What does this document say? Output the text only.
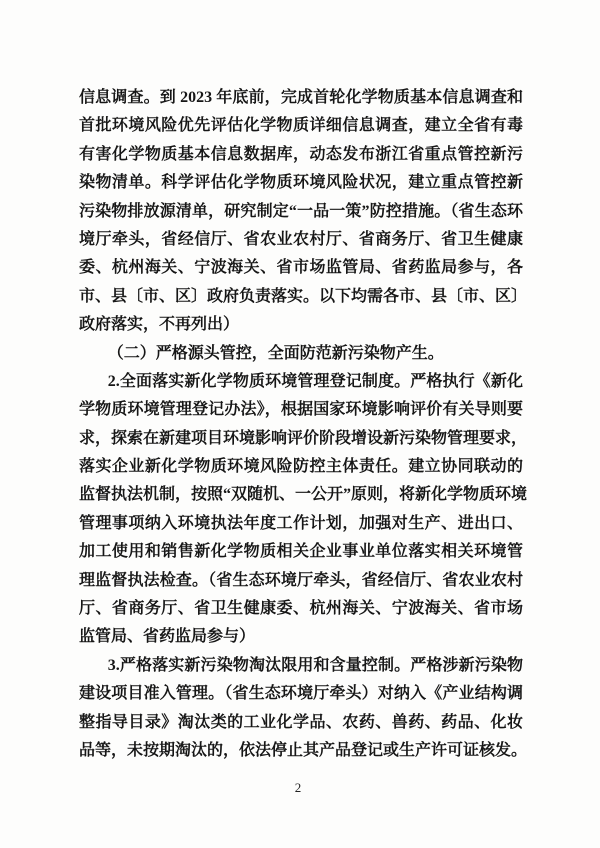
信息调查。到 2023 年底前，完成首轮化学物质基本信息调查和
首批环境风险优先评估化学物质详细信息调查，建立全省有毒
有害化学物质基本信息数据库，动态发布浙江省重点管控新污
染物清单。科学评估化学物质环境风险状况，建立重点管控新
污染物排放源清单，研究制定“一品一策”防控措施。（省生态环
境厅牵头，省经信厅、省农业农村厅、省商务厅、省卫生健康
委、杭州海关、宁波海关、省市场监管局、省药监局参与，各
市、县〔市、区〕政府负责落实。以下均需各市、县〔市、区〕
政府落实，不再列出）
（二）严格源头管控，全面防范新污染物产生。
2.全面落实新化学物质环境管理登记制度。严格执行《新化
学物质环境管理登记办法》，根据国家环境影响评价有关导则要
求，探索在新建项目环境影响评价阶段增设新污染物管理要求，
落实企业新化学物质环境风险防控主体责任。建立协同联动的
监督执法机制，按照“双随机、一公开”原则，将新化学物质环境
管理事项纳入环境执法年度工作计划，加强对生产、进出口、
加工使用和销售新化学物质相关企业事业单位落实相关环境管
理监督执法检查。（省生态环境厅牵头，省经信厅、省农业农村
厅、省商务厅、省卫生健康委、杭州海关、宁波海关、省市场
监管局、省药监局参与）
3.严格落实新污染物淘汰限用和含量控制。严格涉新污染物
建设项目准入管理。（省生态环境厅牵头）对纳入《产业结构调
整指导目录》淘汰类的工业化学品、农药、兽药、药品、化妆
品等，未按期淘汰的，依法停止其产品登记或生产许可证核发。
2
